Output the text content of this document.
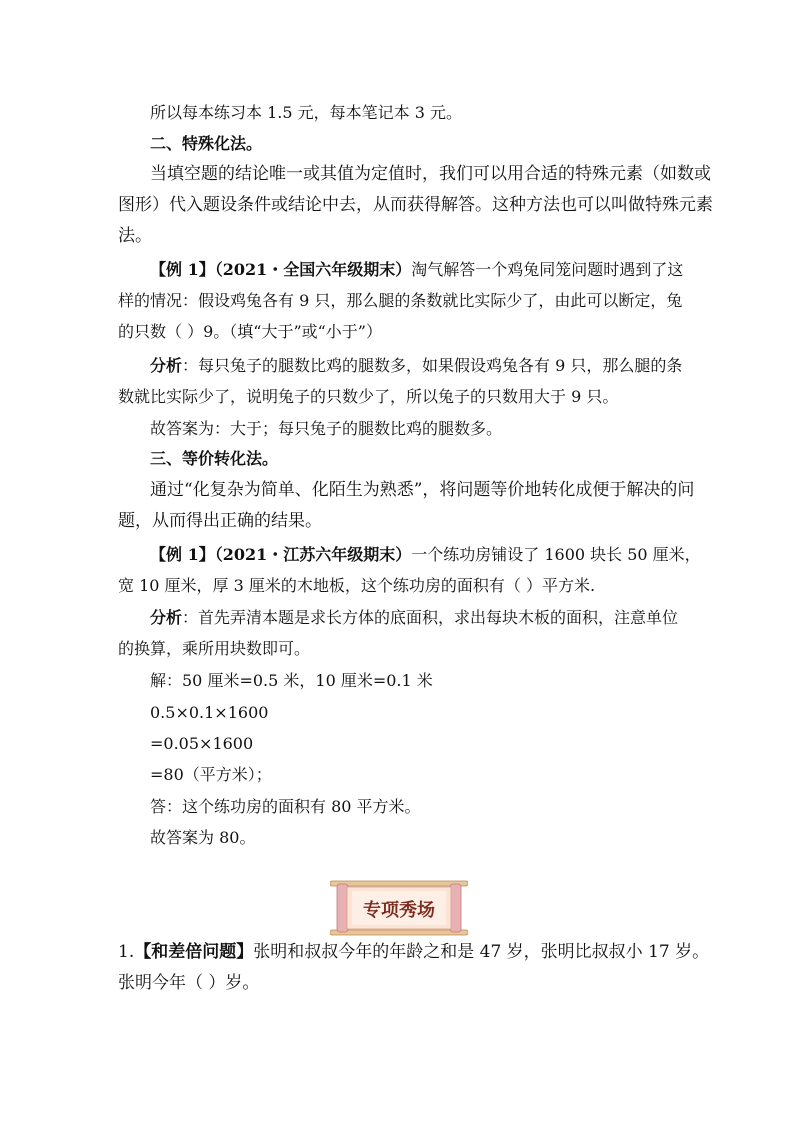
所以每本练习本 1.5 元，每本笔记本 3 元。
二、特殊化法。
当填空题的结论唯一或其值为定值时，我们可以用合适的特殊元素（如数或
图形）代入题设条件或结论中去，从而获得解答。这种方法也可以叫做特殊元素
法。
【例 1】（2021・全国六年级期末）淘气解答一个鸡兔同笼问题时遇到了这
样的情况：假设鸡兔各有 9 只，那么腿的条数就比实际少了，由此可以断定，兔
的只数（ ）9。（填“大于”或“小于”）
分析：每只兔子的腿数比鸡的腿数多，如果假设鸡兔各有 9 只，那么腿的条
数就比实际少了，说明兔子的只数少了，所以兔子的只数用大于 9 只。
故答案为：大于；每只兔子的腿数比鸡的腿数多。
三、等价转化法。
通过“化复杂为简单、化陌生为熟悉”，将问题等价地转化成便于解决的问
题，从而得出正确的结果。
【例 1】（2021・江苏六年级期末）一个练功房铺设了 1600 块长 50 厘米，
宽 10 厘米，厚 3 厘米的木地板，这个练功房的面积有（ ）平方米.
分析：首先弄清本题是求长方体的底面积，求出每块木板的面积，注意单位
的换算，乘所用块数即可。
解：50 厘米=0.5 米，10 厘米=0.1 米
0.5×0.1×1600
=0.05×1600
=80（平方米）；
答：这个练功房的面积有 80 平方米。
故答案为 80。
专项秀场
1.【和差倍问题】张明和叔叔今年的年龄之和是 47 岁，张明比叔叔小 17 岁。
张明今年（ ）岁。
